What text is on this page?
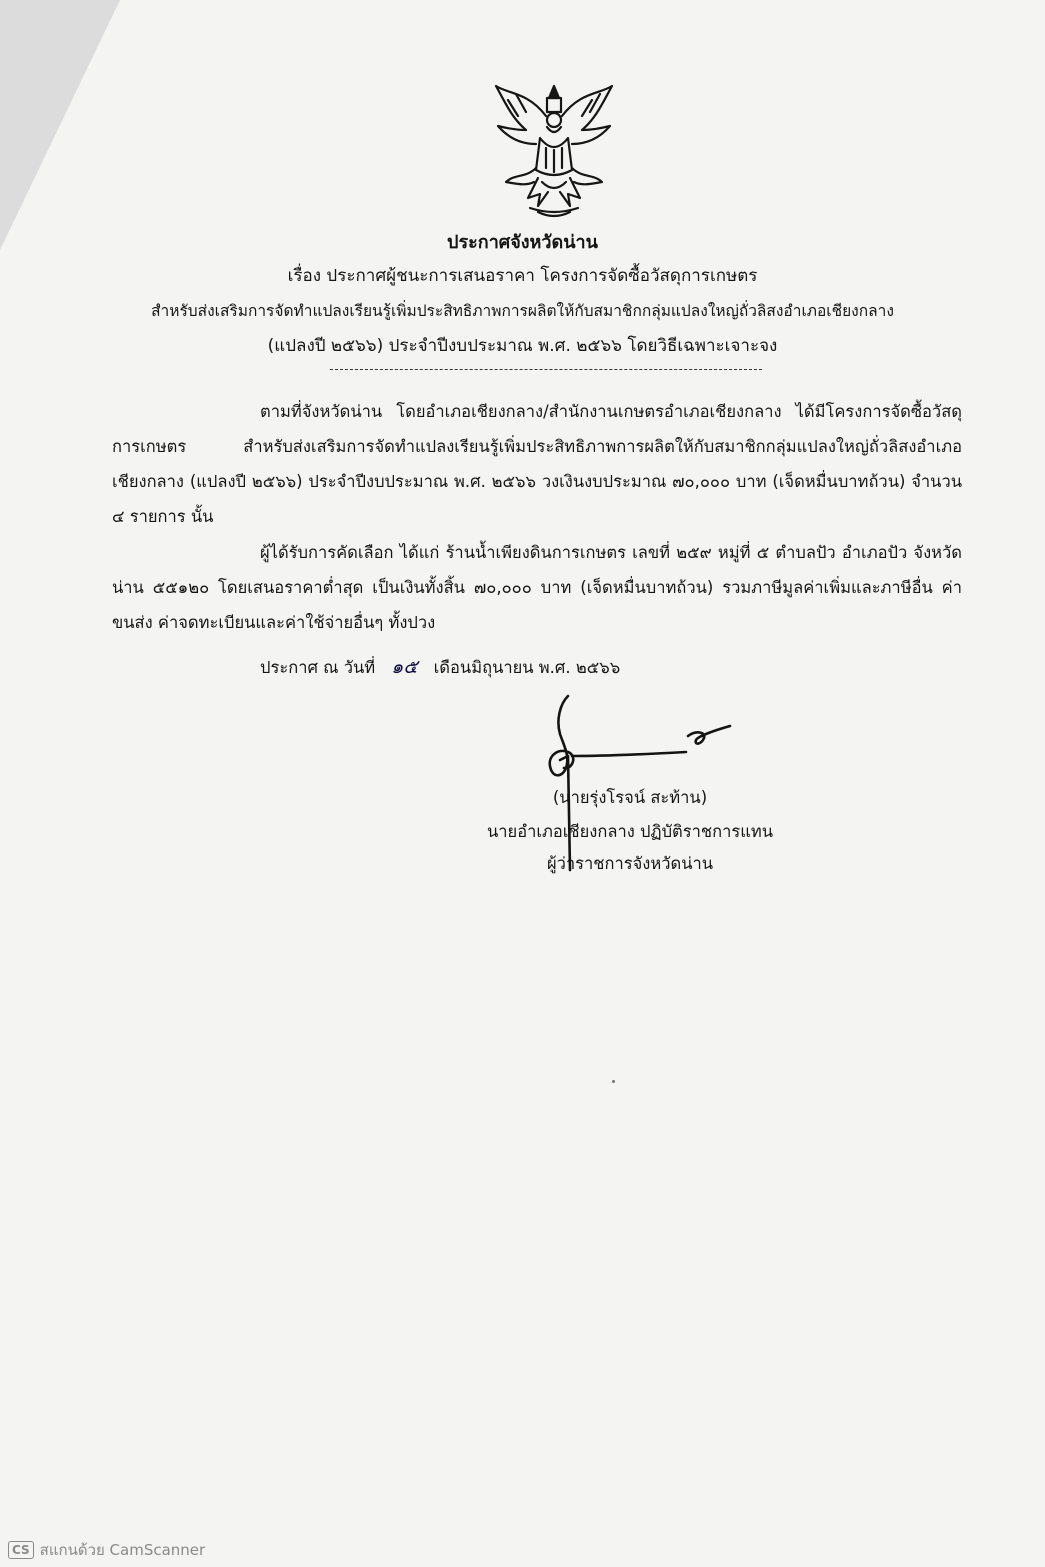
ประกาศจังหวัดน่าน
เรื่อง ประกาศผู้ชนะการเสนอราคา โครงการจัดซื้อวัสดุการเกษตร
สำหรับส่งเสริมการจัดทำแปลงเรียนรู้เพิ่มประสิทธิภาพการผลิตให้กับสมาชิกกลุ่มแปลงใหญ่ถั่วลิสงอำเภอเชียงกลาง
(แปลงปี ๒๕๖๖) ประจำปีงบประมาณ พ.ศ. ๒๕๖๖ โดยวิธีเฉพาะเจาะจง
ตามที่จังหวัดน่าน โดยอำเภอเชียงกลาง/สำนักงานเกษตรอำเภอเชียงกลาง ได้มีโครงการจัดซื้อวัสดุการเกษตร สำหรับส่งเสริมการจัดทำแปลงเรียนรู้เพิ่มประสิทธิภาพการผลิตให้กับสมาชิกกลุ่มแปลงใหญ่ถั่วลิสงอำเภอเชียงกลาง (แปลงปี ๒๕๖๖) ประจำปีงบประมาณ พ.ศ. ๒๕๖๖ วงเงินงบประมาณ ๗๐,๐๐๐ บาท (เจ็ดหมื่นบาทถ้วน) จำนวน ๔ รายการ นั้น
ผู้ได้รับการคัดเลือก ได้แก่ ร้านน้ำเพียงดินการเกษตร เลขที่ ๒๕๙ หมู่ที่ ๕ ตำบลปัว อำเภอปัว จังหวัดน่าน ๕๕๑๒๐ โดยเสนอราคาต่ำสุด เป็นเงินทั้งสิ้น ๗๐,๐๐๐ บาท (เจ็ดหมื่นบาทถ้วน) รวมภาษีมูลค่าเพิ่มและภาษีอื่น ค่าขนส่ง ค่าจดทะเบียนและค่าใช้จ่ายอื่นๆ ทั้งปวง
ประกาศ ณ วันที่ ๑๕ เดือนมิถุนายน พ.ศ. ๒๕๖๖
(นายรุ่งโรจน์ สะท้าน)
นายอำเภอเชียงกลาง ปฏิบัติราชการแทน
ผู้ว่าราชการจังหวัดน่าน
CS สแกนด้วย CamScanner
